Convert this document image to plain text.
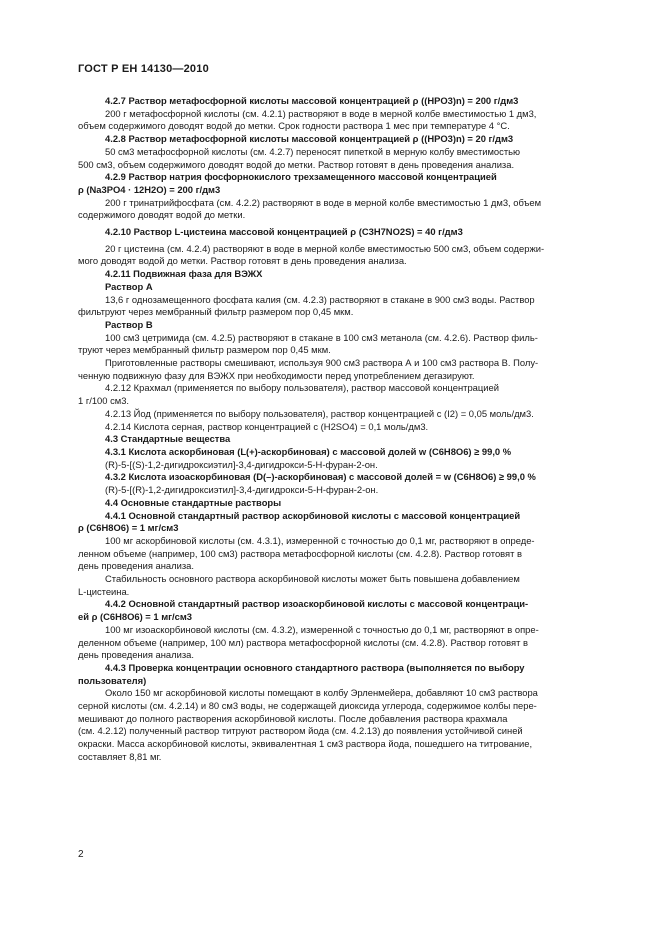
ГОСТ Р ЕН 14130—2010

4.2.7 Раствор метафосфорной кислоты массовой концентрацией ρ ((HPO3)n) = 200 г/дм3

200 г метафосфорной кислоты (см. 4.2.1) растворяют в воде в мерной колбе вместимостью 1 дм3,

объем содержимого доводят водой до метки. Срок годности раствора 1 мес при температуре 4 °С.

4.2.8 Раствор метафосфорной кислоты массовой концентрацией ρ ((HPO3)n) = 20 г/дм3

50 см3 метафосфорной кислоты (см. 4.2.7) переносят пипеткой в мерную колбу вместимостью

500 см3, объем содержимого доводят водой до метки. Раствор готовят в день проведения анализа.

4.2.9 Раствор натрия фосфорнокислого трехзамещенного массовой концентрацией

ρ (Na3PO4 · 12H2O) = 200 г/дм3

200 г тринатрийфосфата (см. 4.2.2) растворяют в воде в мерной колбе вместимостью 1 дм3, объем

содержимого доводят водой до метки.

4.2.10 Раствор L-цистеина массовой концентрацией ρ (C3H7NO2S) = 40 г/дм3

20 г цистеина (см. 4.2.4) растворяют в воде в мерной колбе вместимостью 500 см3, объем содержи-

мого доводят водой до метки. Раствор готовят в день проведения анализа.

4.2.11 Подвижная фаза для ВЭЖХ

Раствор А

13,6 г однозамещенного фосфата калия (см. 4.2.3) растворяют в стакане в 900 см3 воды. Раствор

фильтруют через мембранный фильтр размером пор 0,45 мкм.

Раствор В

100 см3 цетримида (см. 4.2.5) растворяют в стакане в 100 см3 метанола (см. 4.2.6). Раствор филь-

труют через мембранный фильтр размером пор 0,45 мкм.

Приготовленные растворы смешивают, используя 900 см3 раствора А и 100 см3 раствора В. Полу-

ченную подвижную фазу для ВЭЖХ при необходимости перед употреблением дегазируют.

4.2.12 Крахмал (применяется по выбору пользователя), раствор массовой концентрацией

1 г/100 см3.

4.2.13 Йод (применяется по выбору пользователя), раствор концентрацией c (I2) = 0,05 моль/дм3.

4.2.14 Кислота серная, раствор концентрацией c (H2SO4) = 0,1 моль/дм3.

4.3 Стандартные вещества

4.3.1 Кислота аскорбиновая (L(+)-аскорбиновая) с массовой долей w (C6H8O6) ≥ 99,0 %

(R)-5-[(S)-1,2-дигидроксиэтил]-3,4-дигидрокси-5-Н-фуран-2-он.

4.3.2 Кислота изоаскорбиновая (D(–)-аскорбиновая) с массовой долей = w (C6H8O6) ≥ 99,0 %

(R)-5-[(R)-1,2-дигидроксиэтил]-3,4-дигидрокси-5-Н-фуран-2-он.

4.4 Основные стандартные растворы

4.4.1 Основной стандартный раствор аскорбиновой кислоты с массовой концентрацией

ρ (C6H8O6) = 1 мг/см3

100 мг аскорбиновой кислоты (см. 4.3.1), измеренной с точностью до 0,1 мг, растворяют в опреде-

ленном объеме (например, 100 см3) раствора метафосфорной кислоты (см. 4.2.8). Раствор готовят в

день проведения анализа.

Стабильность основного раствора аскорбиновой кислоты может быть повышена добавлением

L-цистеина.

4.4.2 Основной стандартный раствор изоаскорбиновой кислоты с массовой концентраци-

ей ρ (C6H8O6) = 1 мг/см3

100 мг изоаскорбиновой кислоты (см. 4.3.2), измеренной с точностью до 0,1 мг, растворяют в опре-

деленном объеме (например, 100 мл) раствора метафосфорной кислоты (см. 4.2.8). Раствор готовят в

день проведения анализа.

4.4.3 Проверка концентрации основного стандартного раствора (выполняется по выбору

пользователя)

Около 150 мг аскорбиновой кислоты помещают в колбу Эрленмейера, добавляют 10 см3 раствора

серной кислоты (см. 4.2.14) и 80 см3 воды, не содержащей диоксида углерода, содержимое колбы пере-

мешивают до полного растворения аскорбиновой кислоты. После добавления раствора крахмала

(см. 4.2.12) полученный раствор титруют раствором йода (см. 4.2.13) до появления устойчивой синей

окраски. Масса аскорбиновой кислоты, эквивалентная 1 см3 раствора йода, пошедшего на титрование,

составляет 8,81 мг.

2
